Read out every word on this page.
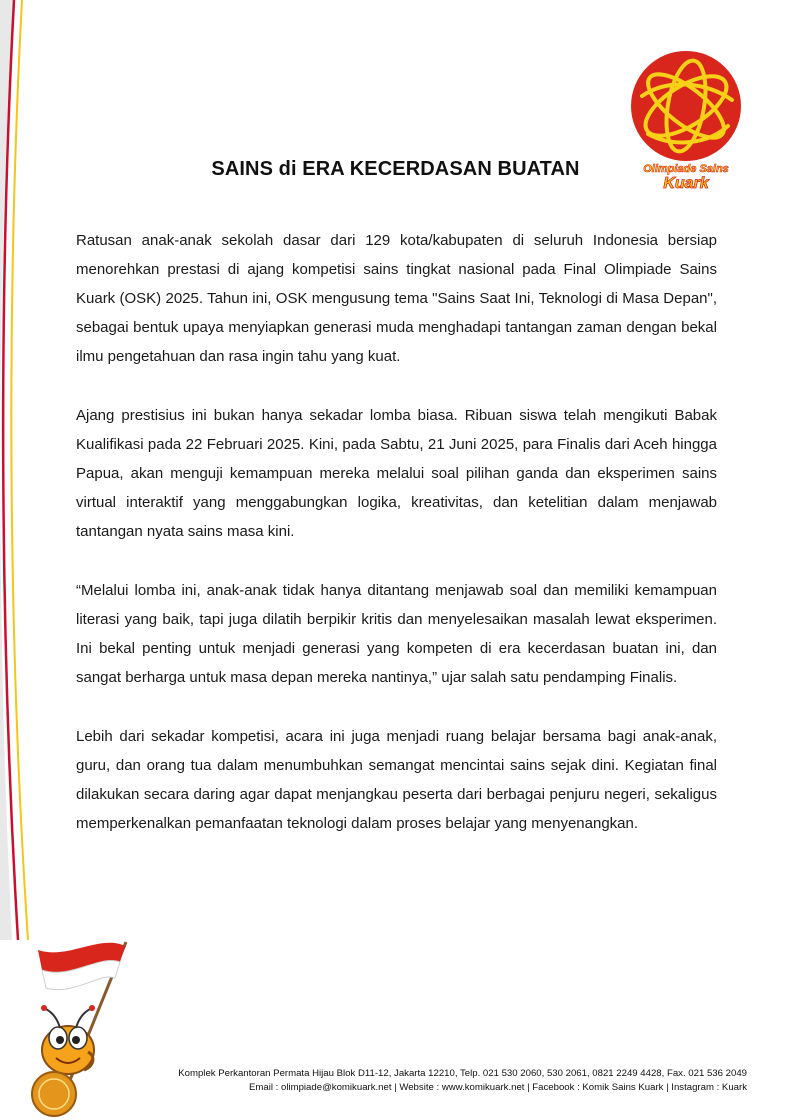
Olimpiade Sains
Kuark
SAINS di ERA KECERDASAN BUATAN

Ratusan anak-anak sekolah dasar dari 129 kota/kabupaten di seluruh Indonesia bersiap menorehkan prestasi di ajang kompetisi sains tingkat nasional pada Final Olimpiade Sains Kuark (OSK) 2025. Tahun ini, OSK mengusung tema "Sains Saat Ini, Teknologi di Masa Depan", sebagai bentuk upaya menyiapkan generasi muda menghadapi tantangan zaman dengan bekal ilmu pengetahuan dan rasa ingin tahu yang kuat.

Ajang prestisius ini bukan hanya sekadar lomba biasa. Ribuan siswa telah mengikuti Babak Kualifikasi pada 22 Februari 2025. Kini, pada Sabtu, 21 Juni 2025, para Finalis dari Aceh hingga Papua, akan menguji kemampuan mereka melalui soal pilihan ganda dan eksperimen sains virtual interaktif yang menggabungkan logika, kreativitas, dan ketelitian dalam menjawab tantangan nyata sains masa kini.

“Melalui lomba ini, anak-anak tidak hanya ditantang menjawab soal dan memiliki kemampuan literasi yang baik, tapi juga dilatih berpikir kritis dan menyelesaikan masalah lewat eksperimen. Ini bekal penting untuk menjadi generasi yang kompeten di era kecerdasan buatan ini, dan sangat berharga untuk masa depan mereka nantinya,” ujar salah satu pendamping Finalis.

Lebih dari sekadar kompetisi, acara ini juga menjadi ruang belajar bersama bagi anak-anak, guru, dan orang tua dalam menumbuhkan semangat mencintai sains sejak dini. Kegiatan final dilakukan secara daring agar dapat menjangkau peserta dari berbagai penjuru negeri, sekaligus memperkenalkan pemanfaatan teknologi dalam proses belajar yang menyenangkan.

Komplek Perkantoran Permata Hijau Blok D11-12, Jakarta 12210, Telp. 021 530 2060, 530 2061, 0821 2249 4428, Fax. 021 536 2049
Email : olimpiade@komikuark.net | Website : www.komikuark.net | Facebook : Komik Sains Kuark | Instagram : Kuark
